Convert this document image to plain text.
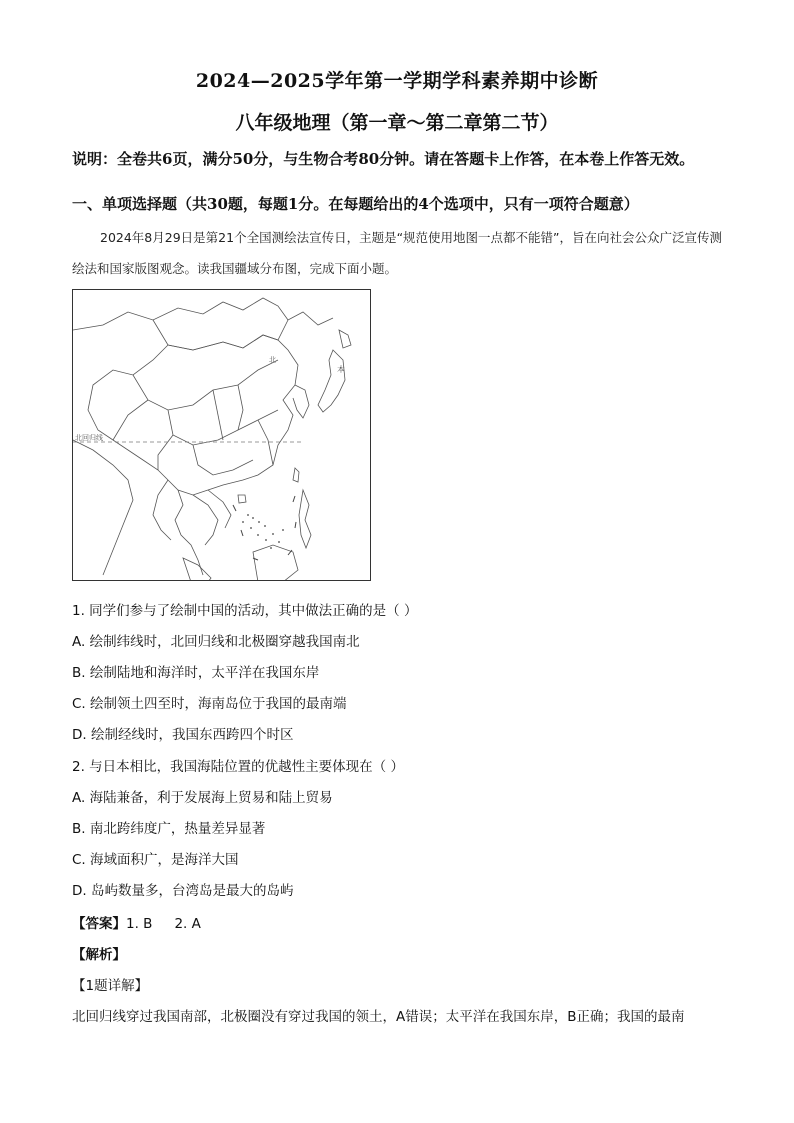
2024—2025学年第一学期学科素养期中诊断
八年级地理（第一章～第二章第二节）
说明：全卷共6页，满分50分，与生物合考80分钟。请在答题卡上作答，在本卷上作答无效。
一、单项选择题（共30题，每题1分。在每题给出的4个选项中，只有一项符合题意）
2024年8月29日是第21个全国测绘法宣传日，主题是“规范使用地图一点都不能错”，旨在向社会公众广泛宣传测绘法和国家版图观念。读我国疆域分布图，完成下面小题。
北回归线
本
北
1. 同学们参与了绘制中国的活动，其中做法正确的是（ ）
A. 绘制纬线时，北回归线和北极圈穿越我国南北
B. 绘制陆地和海洋时，太平洋在我国东岸
C. 绘制领土四至时，海南岛位于我国的最南端
D. 绘制经线时，我国东西跨四个时区
2. 与日本相比，我国海陆位置的优越性主要体现在（ ）
A. 海陆兼备，利于发展海上贸易和陆上贸易
B. 南北跨纬度广，热量差异显著
C. 海域面积广，是海洋大国
D. 岛屿数量多，台湾岛是最大的岛屿
【答案】1. B 2. A
【解析】
【1题详解】
北回归线穿过我国南部，北极圈没有穿过我国的领土，A错误；太平洋在我国东岸，B正确；我国的最南
